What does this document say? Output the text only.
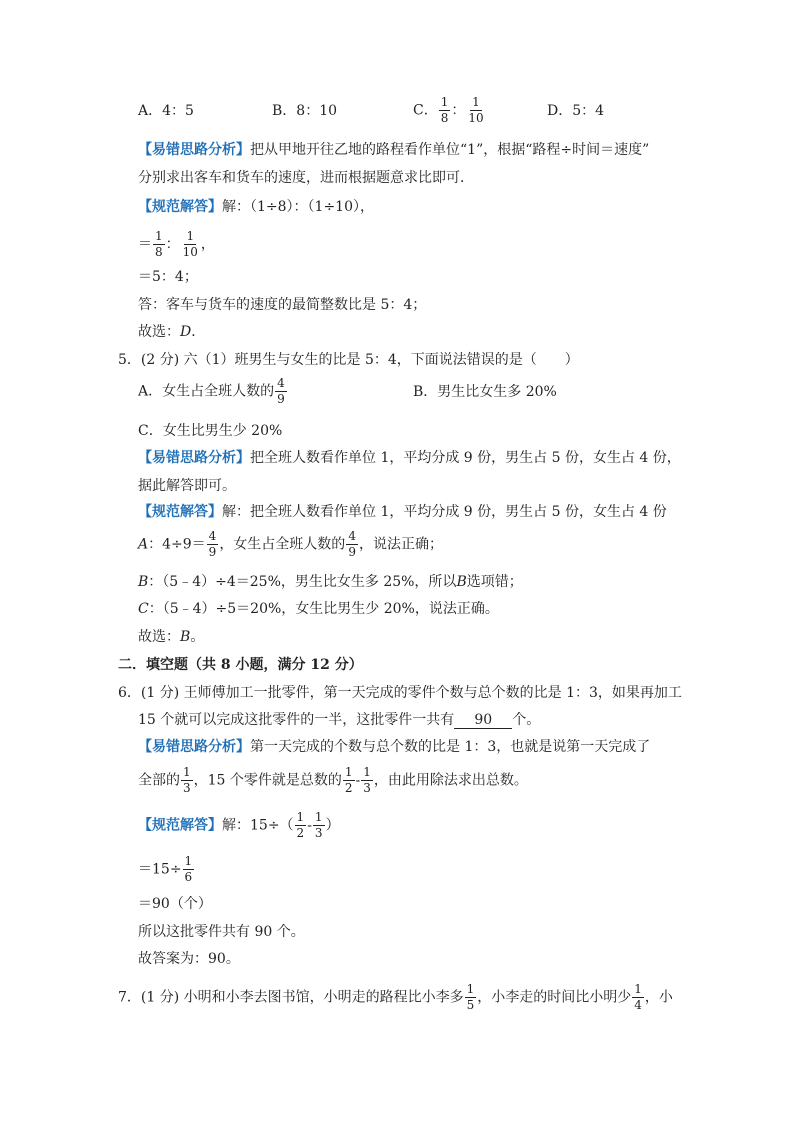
A．4：5	B．8：10	C． $\frac{1}{8}$ ： $\frac{1}{10}$	D．5：4
【易错思路分析】把从甲地开往乙地的路程看作单位“1”，根据“路程÷时间＝速度”
分别求出客车和货车的速度，进而根据题意求比即可．
【规范解答】解：（1÷8）：（1÷10），
＝ $\frac{1}{8}$ ： $\frac{1}{10}$ ，
＝5：4；
答：客车与货车的速度的最简整数比是 5：4；
故选：D．
5．(2 分) 六（1）班男生与女生的比是 5：4，下面说法错误的是（　　）
A．女生占全班人数的 $\frac{4}{9}$	B．男生比女生多 20%
C．女生比男生少 20%
【易错思路分析】把全班人数看作单位 1，平均分成 9 份，男生占 5 份，女生占 4 份，
据此解答即可。
【规范解答】解：把全班人数看作单位 1，平均分成 9 份，男生占 5 份，女生占 4 份
A：$4\div 9= \frac{4}{9}$ ，女生占全班人数的 $\frac{4}{9}$ ，说法正确；
B：（5﹣4）÷4＝25%，男生比女生多 25%，所以B选项错；
C：（5﹣4）÷5＝20%，女生比男生少 20%，说法正确。
故选：B。
二．填空题（共 8 小题，满分 12 分）
6．(1 分) 王师傅加工一批零件，第一天完成的零件个数与总个数的比是 1：3，如果再加工
15 个就可以完成这批零件的一半，这批零件一共有 90 个。
【易错思路分析】第一天完成的个数与总个数的比是 1：3，也就是说第一天完成了
全部的 $\frac{1}{3}$ ，15 个零件就是总数的 $\frac{1}{2} - \frac{1}{3}$ ，由此用除法求出总数。
【规范解答】解：$15\div( \frac{1}{2} - \frac{1}{3}$ ）
$=15\div \frac{1}{6}$
＝90（个）
所以这批零件共有 90 个。
故答案为：90。
7．(1 分) 小明和小李去图书馆，小明走的路程比小李多 $\frac{1}{5}$ ，小李走的时间比小明少 $\frac{1}{4}$ ，小
